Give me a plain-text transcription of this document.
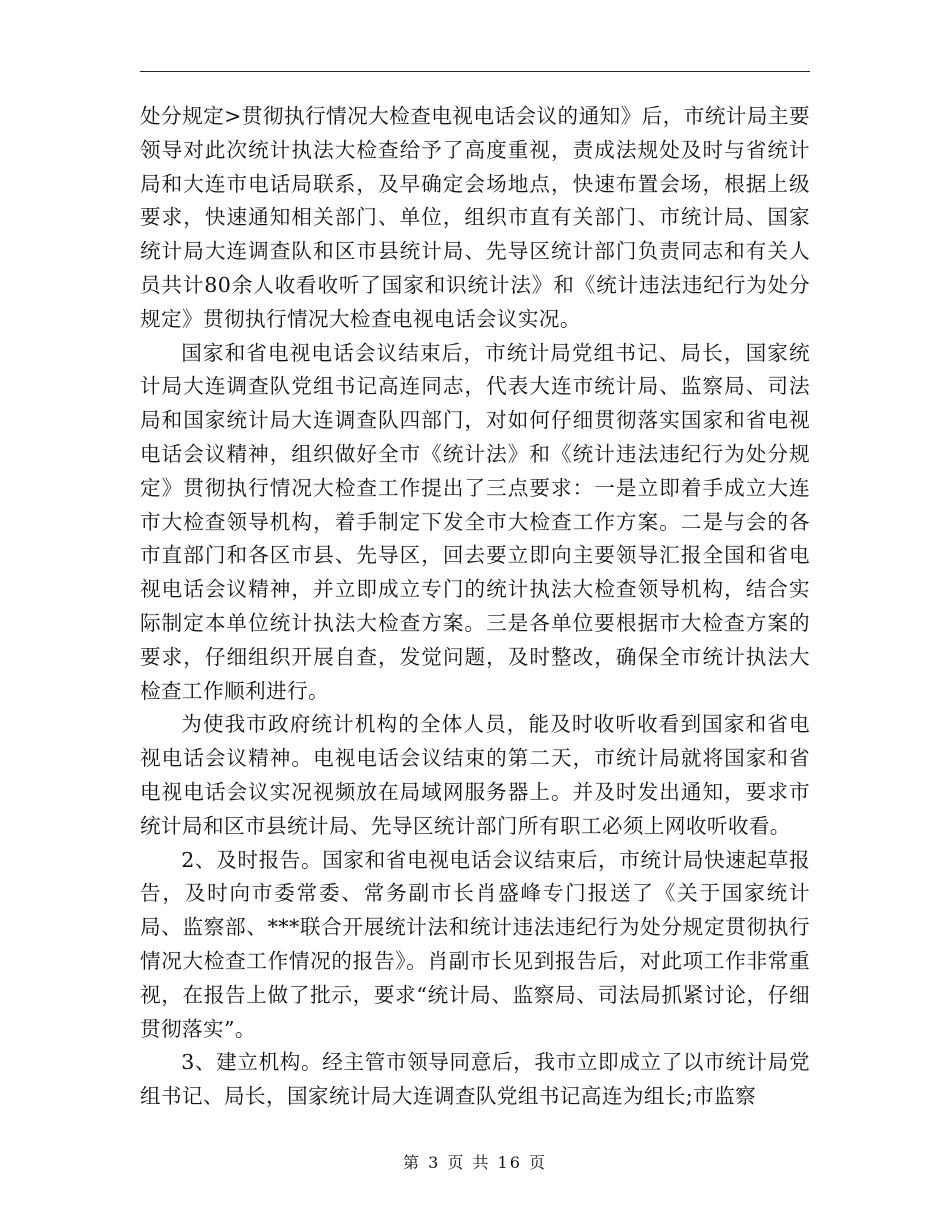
处分规定>贯彻执行情况大检查电视电话会议的通知》后，市统计局主要领导对此次统计执法大检查给予了高度重视，责成法规处及时与省统计局和大连市电话局联系，及早确定会场地点，快速布置会场，根据上级要求，快速通知相关部门、单位，组织市直有关部门、市统计局、国家统计局大连调查队和区市县统计局、先导区统计部门负责同志和有关人员共计80余人收看收听了国家和识统计法》和《统计违法违纪行为处分规定》贯彻执行情况大检查电视电话会议实况。

国家和省电视电话会议结束后，市统计局党组书记、局长，国家统计局大连调查队党组书记高连同志，代表大连市统计局、监察局、司法局和国家统计局大连调查队四部门，对如何仔细贯彻落实国家和省电视电话会议精神，组织做好全市《统计法》和《统计违法违纪行为处分规定》贯彻执行情况大检查工作提出了三点要求：一是立即着手成立大连市大检查领导机构，着手制定下发全市大检查工作方案。二是与会的各市直部门和各区市县、先导区，回去要立即向主要领导汇报全国和省电视电话会议精神，并立即成立专门的统计执法大检查领导机构，结合实际制定本单位统计执法大检查方案。三是各单位要根据市大检查方案的要求，仔细组织开展自查，发觉问题，及时整改，确保全市统计执法大检查工作顺利进行。

为使我市政府统计机构的全体人员，能及时收听收看到国家和省电视电话会议精神。电视电话会议结束的第二天，市统计局就将国家和省电视电话会议实况视频放在局域网服务器上。并及时发出通知，要求市统计局和区市县统计局、先导区统计部门所有职工必须上网收听收看。

2、及时报告。国家和省电视电话会议结束后，市统计局快速起草报告，及时向市委常委、常务副市长肖盛峰专门报送了《关于国家统计局、监察部、***联合开展统计法和统计违法违纪行为处分规定贯彻执行情况大检查工作情况的报告》。肖副市长见到报告后，对此项工作非常重视，在报告上做了批示，要求“统计局、监察局、司法局抓紧讨论，仔细贯彻落实”。

3、建立机构。经主管市领导同意后，我市立即成立了以市统计局党组书记、局长，国家统计局大连调查队党组书记高连为组长;市监察

第 3 页 共 16 页
